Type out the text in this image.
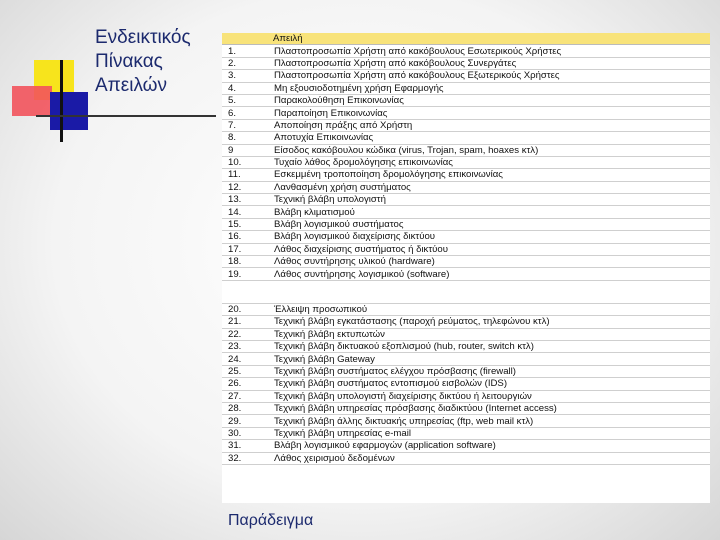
Ενδεικτικός
Πίνακας
Απειλών
	Απειλή
1.	Πλαστοπροσωπία Χρήστη από κακόβουλους Εσωτερικούς Χρήστες
2.	Πλαστοπροσωπία Χρήστη από κακόβουλους Συνεργάτες
3.	Πλαστοπροσωπία Χρήστη από κακόβουλους Εξωτερικούς Χρήστες
4.	Μη εξουσιοδοτημένη χρήση Εφαρμογής
5.	Παρακολούθηση Επικοινωνίας
6.	Παραποίηση Επικοινωνίας
7.	Αποποίηση πράξης από Χρήστη
8.	Αποτυχία Επικοινωνίας
9	Είσοδος κακόβουλου κώδικα (virus, Trojan, spam, hoaxes κτλ)
10.	Τυχαίο λάθος δρομολόγησης επικοινωνίας
11.	Εσκεμμένη τροποποίηση δρομολόγησης επικοινωνίας
12.	Λανθασμένη χρήση συστήματος
13.	Τεχνική βλάβη υπολογιστή
14.	Βλάβη κλιματισμού
15.	Βλάβη λογισμικού συστήματος
16.	Βλάβη λογισμικού διαχείρισης δικτύου
17.	Λάθος διαχείρισης συστήματος ή δικτύου
18.	Λάθος συντήρησης υλικού (hardware)
19.	Λάθος συντήρησης λογισμικού (software)

20.	Έλλειψη προσωπικού
21.	Τεχνική βλάβη εγκατάστασης (παροχή ρεύματος, τηλεφώνου κτλ)
22.	Τεχνική βλάβη εκτυπωτών
23.	Τεχνική βλάβη δικτυακού εξοπλισμού (hub, router, switch κτλ)
24.	Τεχνική βλάβη Gateway
25.	Τεχνική βλάβη συστήματος ελέγχου πρόσβασης (firewall)
26.	Τεχνική βλάβη συστήματος εντοπισμού εισβολών (IDS)
27.	Τεχνική βλάβη υπολογιστή διαχείρισης δικτύου ή λειτουργιών
28.	Τεχνική βλάβη υπηρεσίας πρόσβασης διαδικτύου (Internet access)
29.	Τεχνική βλάβη άλλης δικτυακής υπηρεσίας (ftp, web mail κτλ)
30.	Τεχνική βλάβη υπηρεσίας e-mail
31.	Βλάβη λογισμικού εφαρμογών (application software)
32.	Λάθος χειρισμού δεδομένων
Παράδειγμα
